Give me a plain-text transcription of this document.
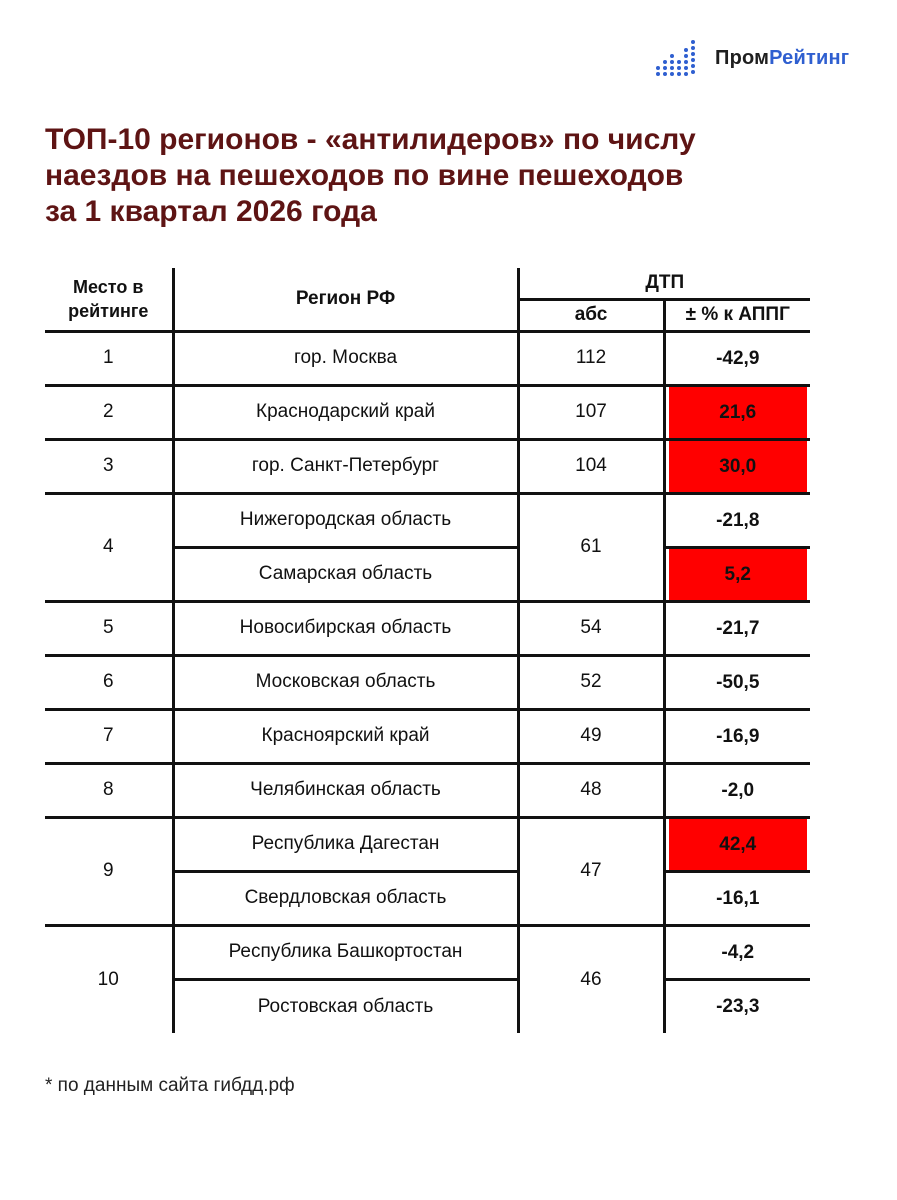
ПромРейтинг
ТОП-10 регионов - «антилидеров» по числу
наездов на пешеходов по вине пешеходов
за 1 квартал 2026 года
Место в рейтинге	Регион РФ	ДТП	
		абс	± % к АППГ
1	гор. Москва	112	-42,9

2	Краснодарский край	107	21,6

3	гор. Санкт-Петербург	104	30,0

4	Нижегородская область	61	-21,8

	Самарская область		5,2

5	Новосибирская область	54	-21,7

6	Московская область	52	-50,5

7	Красноярский край	49	-16,9

8	Челябинская область	48	-2,0

9	Республика Дагестан	47	42,4

	Свердловская область		-16,1

10	Республика Башкортостан	46	-4,2

	Ростовская область		-23,3
* по данным сайта гибдд.рф
